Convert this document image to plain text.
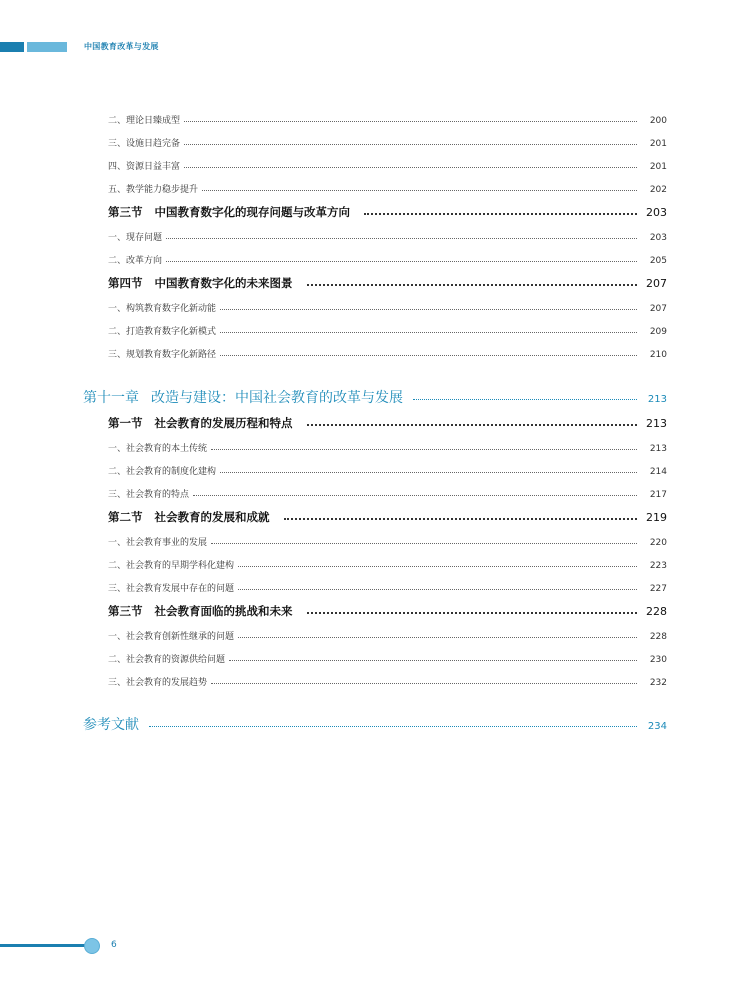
中国教育改革与发展
二、理论日臻成型	200
三、设施日趋完备	201
四、资源日益丰富	201
五、教学能力稳步提升	202
第三节 中国教育数字化的现存问题与改革方向	203
一、现存问题	203
二、改革方向	205
第四节 中国教育数字化的未来图景	207
一、构筑教育数字化新动能	207
二、打造教育数字化新模式	209
三、规划教育数字化新路径	210
第十一章 改造与建设：中国社会教育的改革与发展	213
第一节 社会教育的发展历程和特点	213
一、社会教育的本土传统	213
二、社会教育的制度化建构	214
三、社会教育的特点	217
第二节 社会教育的发展和成就	219
一、社会教育事业的发展	220
二、社会教育的早期学科化建构	223
三、社会教育发展中存在的问题	227
第三节 社会教育面临的挑战和未来	228
一、社会教育创新性继承的问题	228
二、社会教育的资源供给问题	230
三、社会教育的发展趋势	232
参考文献	234
6
